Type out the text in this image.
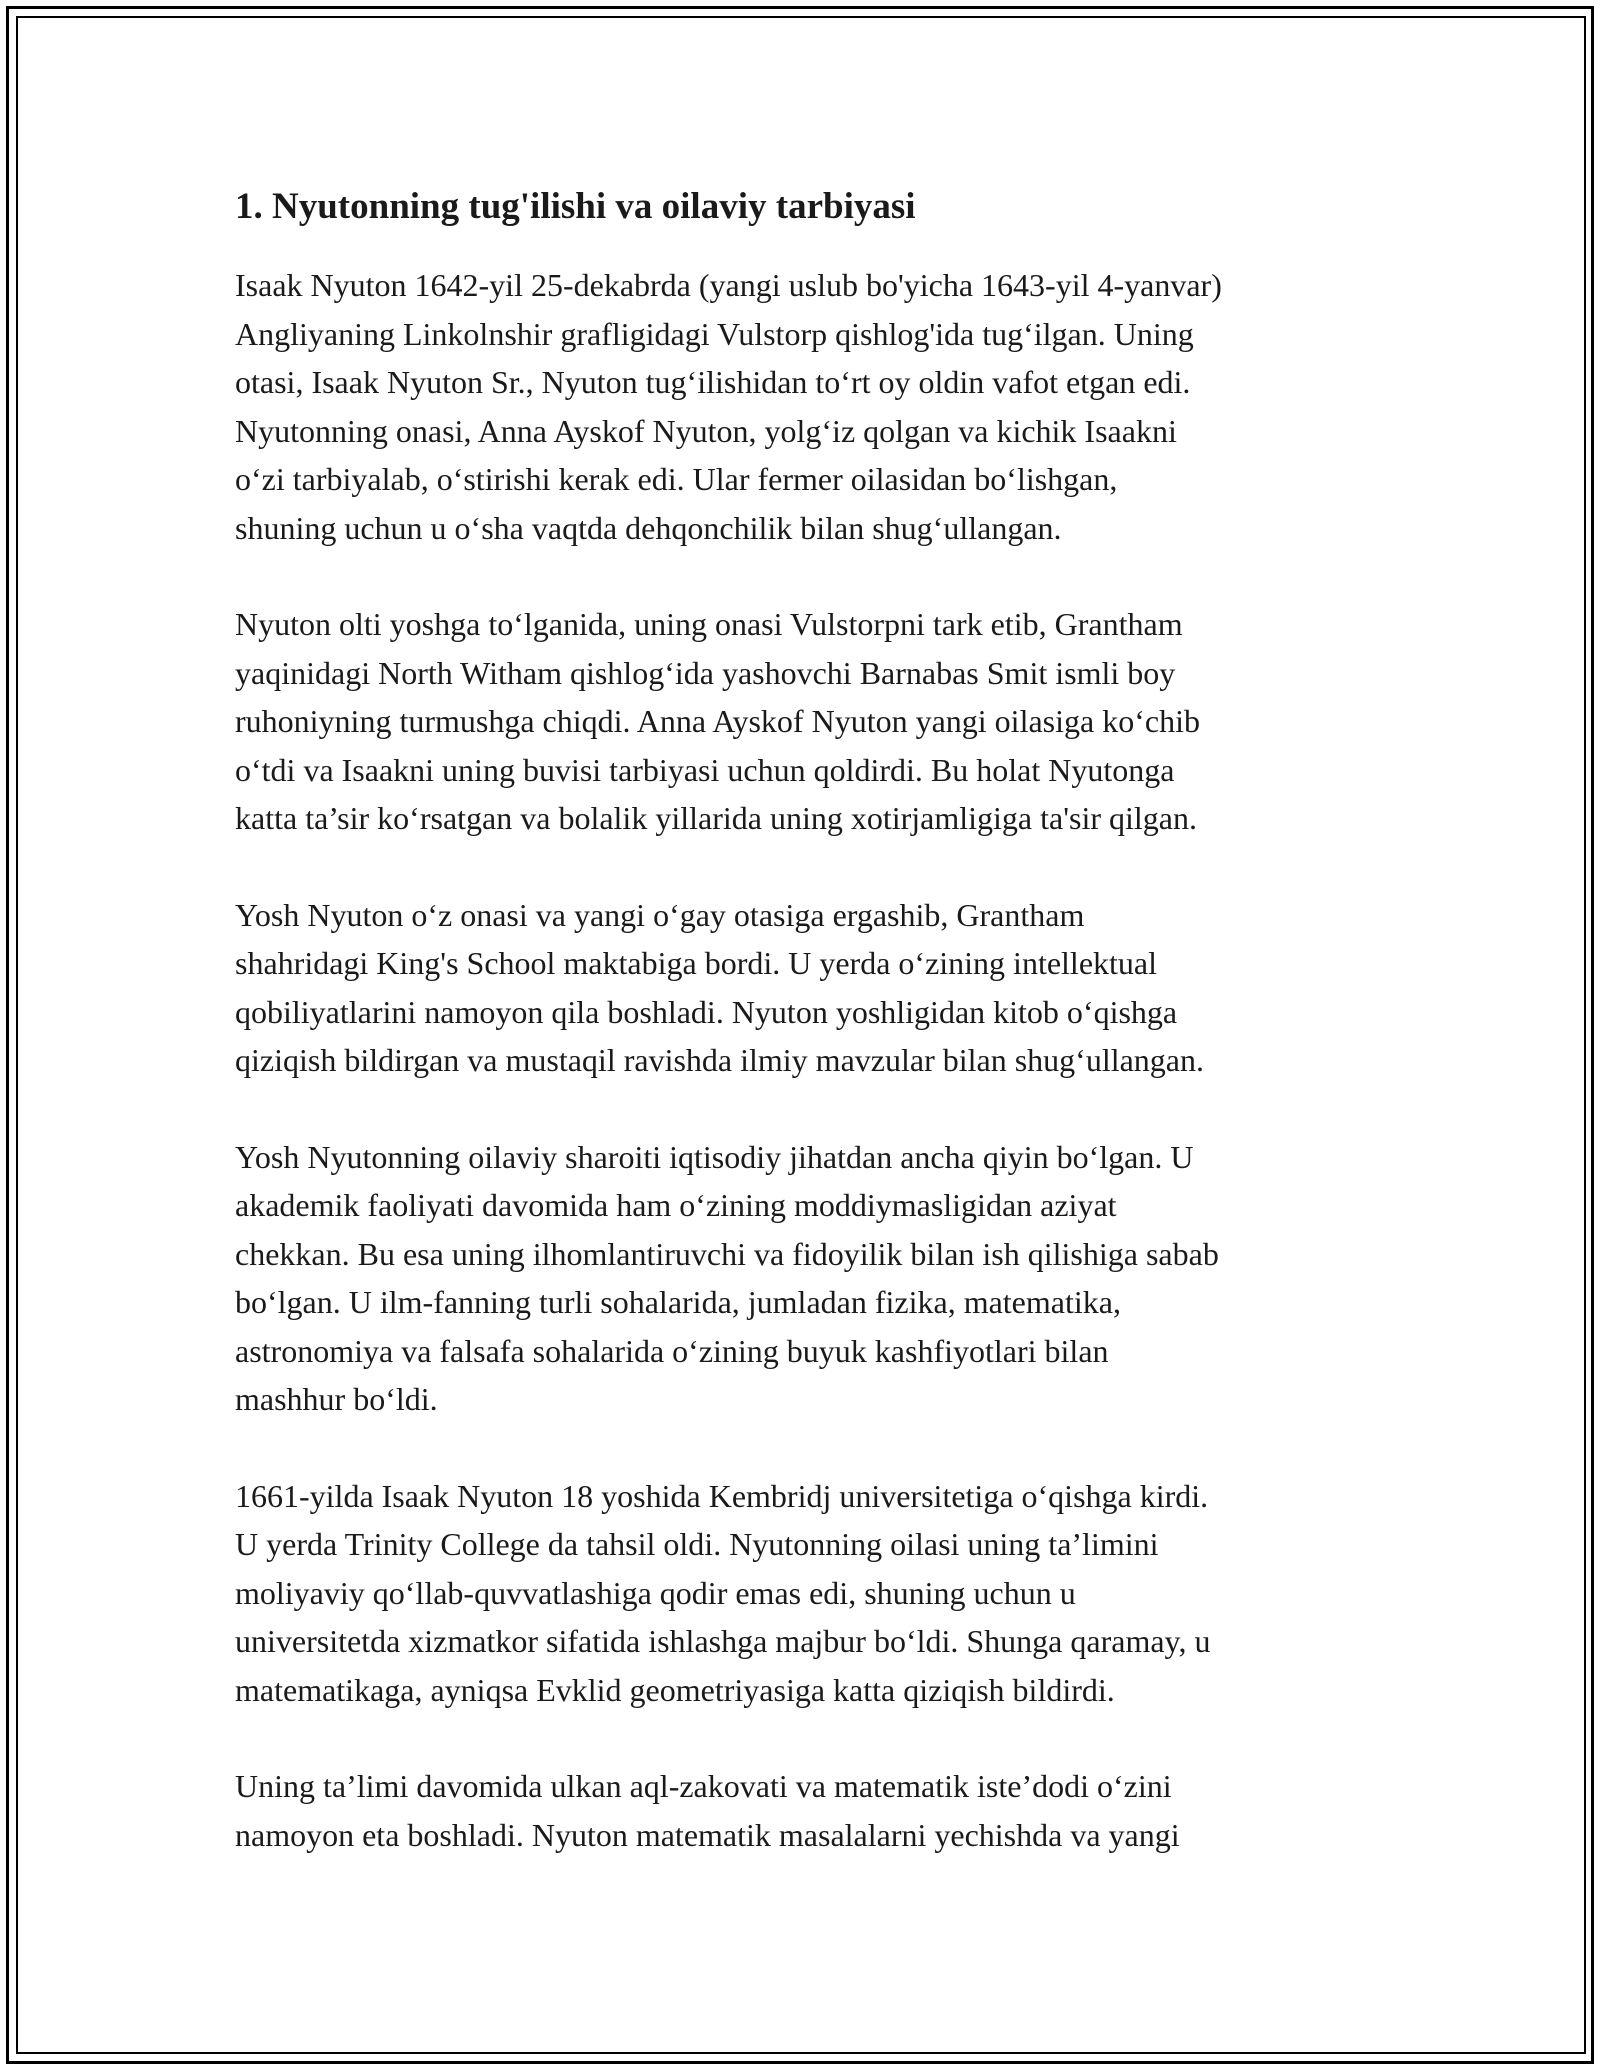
1. Nyutonning tug'ilishi va oilaviy tarbiyasi

Isaak Nyuton 1642-yil 25-dekabrda (yangi uslub bo'yicha 1643-yil 4-yanvar)
Angliyaning Linkolnshir grafligidagi Vulstorp qishlog'ida tug‘ilgan. Uning
otasi, Isaak Nyuton Sr., Nyuton tug‘ilishidan to‘rt oy oldin vafot etgan edi.
Nyutonning onasi, Anna Ayskof Nyuton, yolg‘iz qolgan va kichik Isaakni
o‘zi tarbiyalab, o‘stirishi kerak edi. Ular fermer oilasidan bo‘lishgan,
shuning uchun u o‘sha vaqtda dehqonchilik bilan shug‘ullangan.

Nyuton olti yoshga to‘lganida, uning onasi Vulstorpni tark etib, Grantham
yaqinidagi North Witham qishlog‘ida yashovchi Barnabas Smit ismli boy
ruhoniyning turmushga chiqdi. Anna Ayskof Nyuton yangi oilasiga ko‘chib
o‘tdi va Isaakni uning buvisi tarbiyasi uchun qoldirdi. Bu holat Nyutonga
katta ta’sir ko‘rsatgan va bolalik yillarida uning xotirjamligiga ta'sir qilgan.

Yosh Nyuton o‘z onasi va yangi o‘gay otasiga ergashib, Grantham
shahridagi King's School maktabiga bordi. U yerda o‘zining intellektual
qobiliyatlarini namoyon qila boshladi. Nyuton yoshligidan kitob o‘qishga
qiziqish bildirgan va mustaqil ravishda ilmiy mavzular bilan shug‘ullangan.

Yosh Nyutonning oilaviy sharoiti iqtisodiy jihatdan ancha qiyin bo‘lgan. U
akademik faoliyati davomida ham o‘zining moddiymasligidan aziyat
chekkan. Bu esa uning ilhomlantiruvchi va fidoyilik bilan ish qilishiga sabab
bo‘lgan. U ilm-fanning turli sohalarida, jumladan fizika, matematika,
astronomiya va falsafa sohalarida o‘zining buyuk kashfiyotlari bilan
mashhur bo‘ldi.

1661-yilda Isaak Nyuton 18 yoshida Kembridj universitetiga o‘qishga kirdi.
U yerda Trinity College da tahsil oldi. Nyutonning oilasi uning ta’limini
moliyaviy qo‘llab-quvvatlashiga qodir emas edi, shuning uchun u
universitetda xizmatkor sifatida ishlashga majbur bo‘ldi. Shunga qaramay, u
matematikaga, ayniqsa Evklid geometriyasiga katta qiziqish bildirdi.

Uning ta’limi davomida ulkan aql-zakovati va matematik iste’dodi o‘zini
namoyon eta boshladi. Nyuton matematik masalalarni yechishda va yangi
